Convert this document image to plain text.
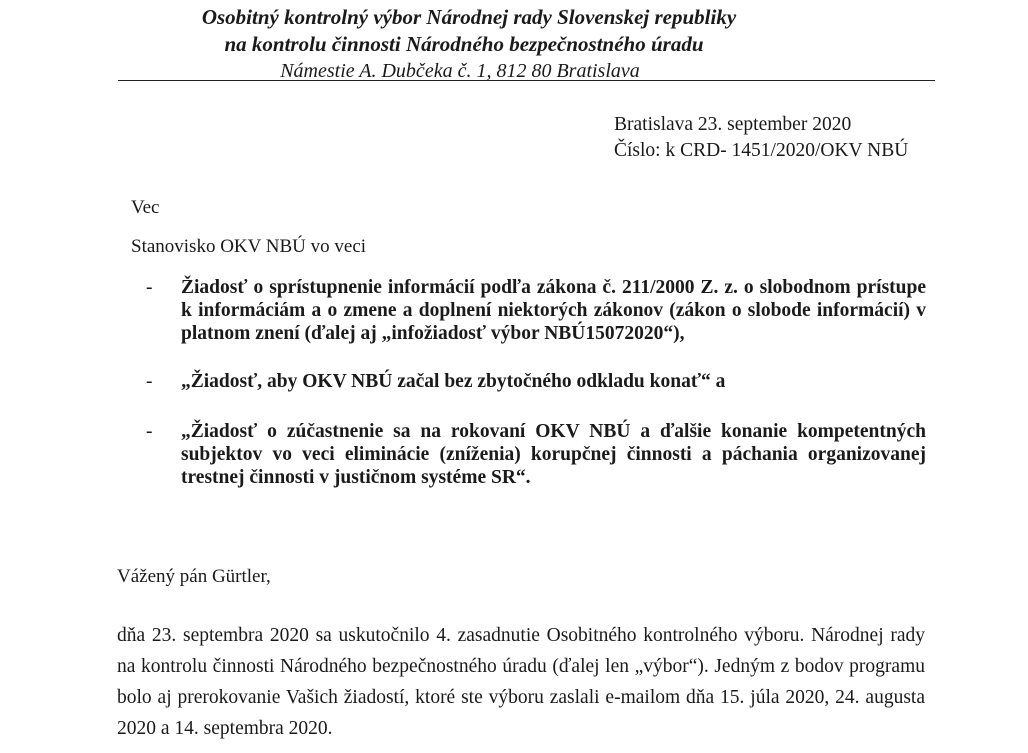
Osobitný kontrolný výbor Národnej rady Slovenskej republiky
na kontrolu činnosti Národného bezpečnostného úradu
Námestie A. Dubčeka č. 1, 812 80 Bratislava
Bratislava 23. september 2020
Číslo: k CRD- 1451/2020/OKV NBÚ
Vec
Stanovisko OKV NBÚ vo veci
- Žiadosť o sprístupnenie informácií podľa zákona č. 211/2000 Z. z. o slobodnom prístupe k informáciám a o zmene a doplnení niektorých zákonov (zákon o slobode informácií) v platnom znení (ďalej aj „infožiadosť výbor NBÚ15072020“),
- „Žiadosť, aby OKV NBÚ začal bez zbytočného odkladu konať“ a
- „Žiadosť o zúčastnenie sa na rokovaní OKV NBÚ a ďalšie konanie kompetentných subjektov vo veci eliminácie (zníženia) korupčnej činnosti a páchania organizovanej trestnej činnosti v justičnom systéme SR“.
Vážený pán Gürtler,
dňa 23. septembra 2020 sa uskutočnilo 4. zasadnutie Osobitného kontrolného výboru. Národnej rady na kontrolu činnosti Národného bezpečnostného úradu (ďalej len „výbor“). Jedným z bodov programu bolo aj prerokovanie Vašich žiadostí, ktoré ste výboru zaslali e-mailom dňa 15. júla 2020, 24. augusta 2020 a 14. septembra 2020.
